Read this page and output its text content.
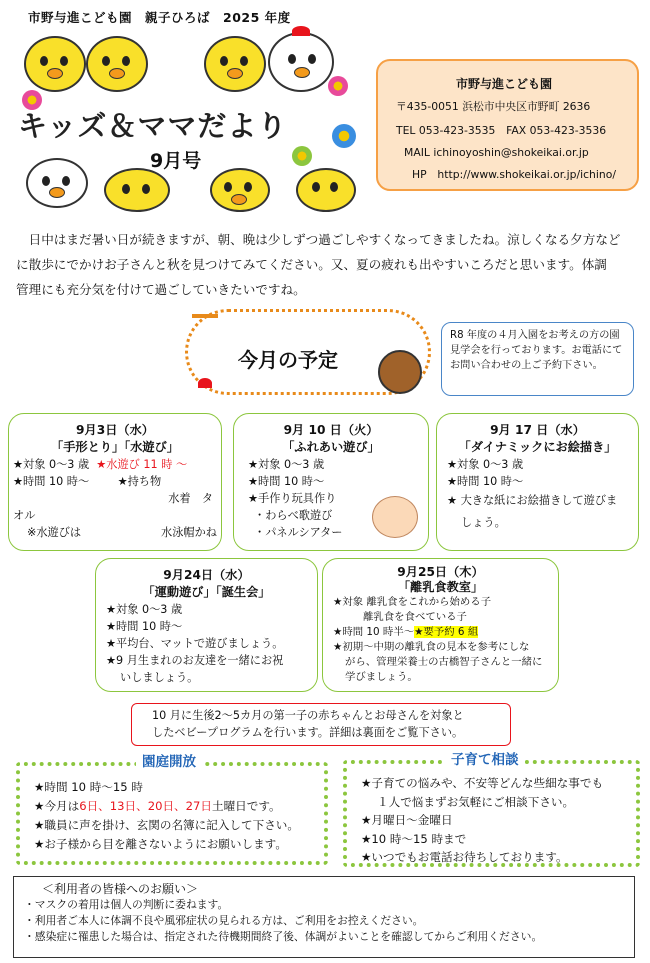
市野与進こども園　親子ひろば　2025 年度
キッズ＆ママだより
9月号
市野与進こども園
〒435-0051 浜松市中央区市野町 2636
TEL 053-423-3535　FAX 053-423-3536
MAIL ichinoyoshin@shokeikai.or.jp
HP　http://www.shokeikai.or.jp/ichino/

日中はまだ暑い日が続きますが、朝、晩は少しずつ過ごしやすくなってきましたね。涼しくなる夕方など

に散歩にでかけお子さんと秋を見つけてみてください。又、夏の疲れも出やすいころだと思います。体調

管理にも充分気を付けて過ごしていきたいですね。

今月の予定
R8 年度の４月入園をお考えの方の園見学会を行っております。お電話にてお問い合わせの上ご予約下さい。
9月3日（水）
「手形とり」「水遊び」
★対象 0～3 歳 ★水遊び 11 時 ～
★時間 10 時～	★持ち物
水着　タ
オル
※水遊びは	水泳帽かね
9月 10 日（火）
「ふれあい遊び」
★対象 0～3 歳
★時間 10 時～
★手作り玩具作り
・わらべ歌遊び
・パネルシアター
9月 17 日（水）
「ダイナミックにお絵描き」
★対象 0～3 歳
★時間 10 時～
★ 大きな紙にお絵描きして遊びま
しょう。
9月24日（水）
「運動遊び」「誕生会」
★対象 0～3 歳
★時間 10 時～
★平均台、マットで遊びましょう。
★9 月生まれのお友達を一緒にお祝
いしましょう。
9月25日（木）
「離乳食教室」
★対象 離乳食をこれから始める子
離乳食を食べている子
★時間 10 時半～★要予約 6 組
★初期～中期の離乳食の見本を参考にしな
がら、管理栄養士の古橋智子さんと一緒に
学びましょう。
10 月に生後2～5カ月の第一子の赤ちゃんとお母さんを対象と
したベビープログラムを行います。詳細は裏面をご覧下さい。
園庭開放
★時間 10 時～15 時
★今月は6日、13日、20日、27日土曜日です。
★職員に声を掛け、玄関の名簿に記入して下さい。
★お子様から目を離さないようにお願いします。
子育て相談
★子育ての悩みや、不安等どんな些細な事でも
１人で悩まずお気軽にご相談下さい。
★月曜日～金曜日
★10 時～15 時まで
★いつでもお電話お待ちしております。
＜利用者の皆様へのお願い＞
・マスクの着用は個人の判断に委ねます。
・利用者ご本人に体調不良や風邪症状の見られる方は、ご利用をお控えください。
・感染症に罹患した場合は、指定された待機期間終了後、体調がよいことを確認してからご利用ください。
